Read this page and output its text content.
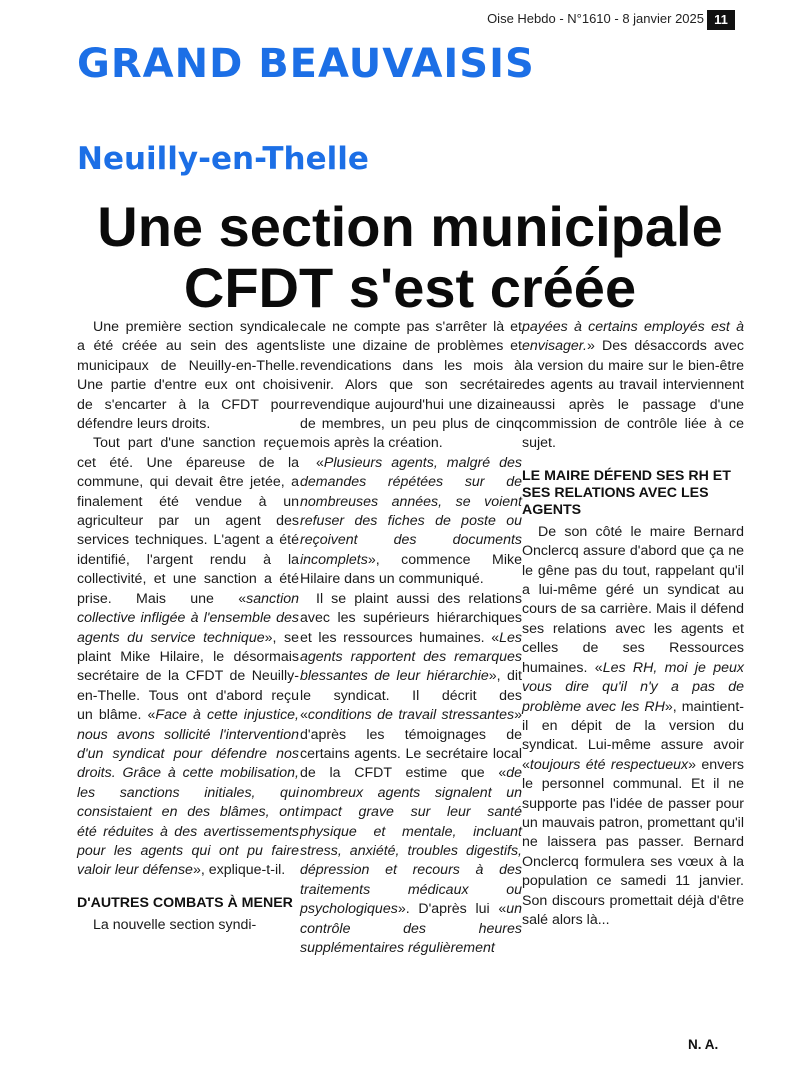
Oise Hebdo - N°1610 - 8 janvier 2025 11
GRAND BEAUVAISIS
Neuilly-en-Thelle
Une section municipale
CFDT s'est créée

Une première section syndicale a été créée au sein des agents municipaux de Neuilly-en-Thelle. Une partie d'entre eux ont choisi de s'encarter à la CFDT pour défendre leurs droits.

Tout part d'une sanction reçue cet été. Une épareuse de la commune, qui devait être jetée, a finalement été vendue à un agriculteur par un agent des services techniques. L'agent a été identifié, l'argent rendu à la collectivité, et une sanction a été prise. Mais une «sanction collective infligée à l'ensemble des agents du service technique», se plaint Mike Hilaire, le désormais secrétaire de la CFDT de Neuilly-en-Thelle. Tous ont d'abord reçu un blâme. «Face à cette injustice, nous avons sollicité l'intervention d'un syndicat pour défendre nos droits. Grâce à cette mobilisation, les sanctions initiales, qui consistaient en des blâmes, ont été réduites à des avertissements pour les agents qui ont pu faire valoir leur défense», explique-t-il.

D'AUTRES COMBATS À MENER

La nouvelle section syndi-

cale ne compte pas s'arrêter là et liste une dizaine de problèmes et revendications dans les mois à venir. Alors que son secrétaire revendique aujourd'hui une dizaine de membres, un peu plus de cinq mois après la création.

«Plusieurs agents, malgré des demandes répétées sur de nombreuses années, se voient refuser des fiches de poste ou reçoivent des documents incomplets», commence Mike Hilaire dans un communiqué.

Il se plaint aussi des relations avec les supérieurs hiérarchiques et les ressources humaines. «Les agents rapportent des remarques blessantes de leur hiérarchie», dit le syndicat. Il décrit des «conditions de travail stressantes» d'après les témoignages de certains agents. Le secrétaire local de la CFDT estime que «de nombreux agents signalent un impact grave sur leur santé physique et mentale, incluant stress, anxiété, troubles digestifs, dépression et recours à des traitements médicaux ou psychologiques». D'après lui «un contrôle des heures supplémentaires régulièrement

payées à certains employés est à envisager.» Des désaccords avec la version du maire sur le bien-être des agents au travail interviennent aussi après le passage d'une commission de contrôle liée à ce sujet.

LE MAIRE DÉFEND SES RH ET SES RELATIONS AVEC LES AGENTS

De son côté le maire Bernard Onclercq assure d'abord que ça ne le gêne pas du tout, rappelant qu'il a lui-même géré un syndicat au cours de sa carrière. Mais il défend ses relations avec les agents et celles de ses Ressources humaines. «Les RH, moi je peux vous dire qu'il n'y a pas de problème avec les RH», maintient-il en dépit de la version du syndicat. Lui-même assure avoir «toujours été respectueux» envers le personnel communal. Et il ne supporte pas l'idée de passer pour un mauvais patron, promettant qu'il ne laissera pas passer. Bernard Onclercq formulera ses vœux à la population ce samedi 11 janvier. Son discours promettait déjà d'être salé alors là...

N. A.
